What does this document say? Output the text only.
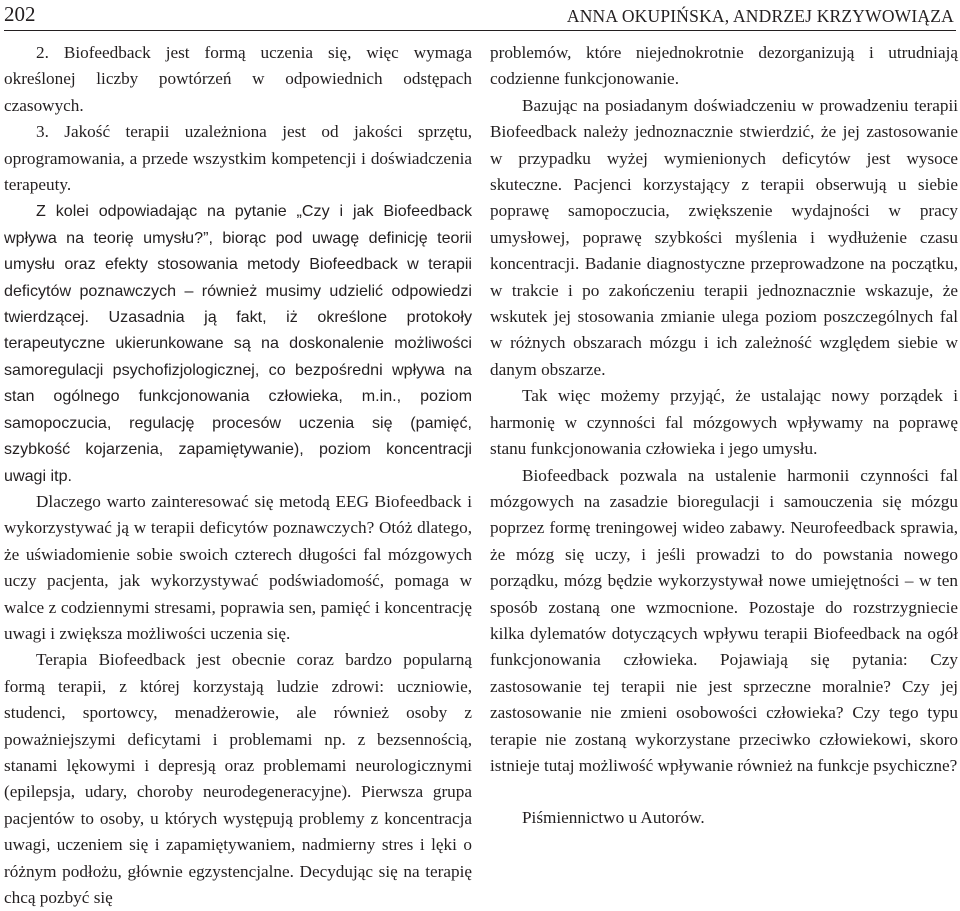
202	ANNA OKUPIŃSKA, ANDRZEJ KRZYWOWIĄZA

2. Biofeedback jest formą uczenia się, więc wymaga określonej liczby powtórzeń w odpowiednich odstępach czasowych.

3. Jakość terapii uzależniona jest od jakości sprzętu, oprogramowania, a przede wszystkim kompetencji i doświadczenia terapeuty.

Z kolei odpowiadając na pytanie „Czy i jak Biofeedback wpływa na teorię umysłu?”, biorąc pod uwagę definicję teorii umysłu oraz efekty stosowania metody Biofeedback w terapii deficytów poznawczych – również musimy udzielić odpowiedzi twierdzącej. Uzasadnia ją fakt, iż określone protokoły terapeutyczne ukierunkowane są na doskonalenie możliwości samoregulacji psychofizjologicznej, co bezpośredni wpływa na stan ogólnego funkcjonowania człowieka, m.in., poziom samopoczucia, regulację procesów uczenia się (pamięć, szybkość kojarzenia, zapamiętywanie), poziom koncentracji uwagi itp.

Dlaczego warto zainteresować się metodą EEG Biofeedback i wykorzystywać ją w terapii deficytów poznawczych? Otóż dlatego, że uświadomienie sobie swoich czterech długości fal mózgowych uczy pacjenta, jak wykorzystywać podświadomość, pomaga w walce z codziennymi stresami, poprawia sen, pamięć i koncentrację uwagi i zwiększa możliwości uczenia się.

Terapia Biofeedback jest obecnie coraz bardzo popularną formą terapii, z której korzystają ludzie zdrowi: uczniowie, studenci, sportowcy, menadżerowie, ale również osoby z poważniejszymi deficytami i problemami np. z bezsennością, stanami lękowymi i depresją oraz problemami neurologicznymi (epilepsja, udary, choroby neurodegeneracyjne). Pierwsza grupa pacjentów to osoby, u których występują problemy z koncentracja uwagi, uczeniem się i zapamiętywaniem, nadmierny stres i lęki o różnym podłożu, głównie egzystencjalne. Decydując się na terapię chcą pozbyć się

problemów, które niejednokrotnie dezorganizują i utrudniają codzienne funkcjonowanie.

Bazując na posiadanym doświadczeniu w prowadzeniu terapii Biofeedback należy jednoznacznie stwierdzić, że jej zastosowanie w przypadku wyżej wymienionych deficytów jest wysoce skuteczne. Pacjenci korzystający z terapii obserwują u siebie poprawę samopoczucia, zwiększenie wydajności w pracy umysłowej, poprawę szybkości myślenia i wydłużenie czasu koncentracji. Badanie diagnostyczne przeprowadzone na początku, w trakcie i po zakończeniu terapii jednoznacznie wskazuje, że wskutek jej stosowania zmianie ulega poziom poszczególnych fal w różnych obszarach mózgu i ich zależność względem siebie w danym obszarze.

Tak więc możemy przyjąć, że ustalając nowy porządek i harmonię w czynności fal mózgowych wpływamy na poprawę stanu funkcjonowania człowieka i jego umysłu.

Biofeedback pozwala na ustalenie harmonii czynności fal mózgowych na zasadzie bioregulacji i samouczenia się mózgu poprzez formę treningowej wideo zabawy. Neurofeedback sprawia, że mózg się uczy, i jeśli prowadzi to do powstania nowego porządku, mózg będzie wykorzystywał nowe umiejętności – w ten sposób zostaną one wzmocnione. Pozostaje do rozstrzygniecie kilka dylematów dotyczących wpływu terapii Biofeedback na ogół funkcjonowania człowieka. Pojawiają się pytania: Czy zastosowanie tej terapii nie jest sprzeczne moralnie? Czy jej zastosowanie nie zmieni osobowości człowieka? Czy tego typu terapie nie zostaną wykorzystane przeciwko człowiekowi, skoro istnieje tutaj możliwość wpływanie również na funkcje psychiczne?

Piśmiennictwo u Autorów.
